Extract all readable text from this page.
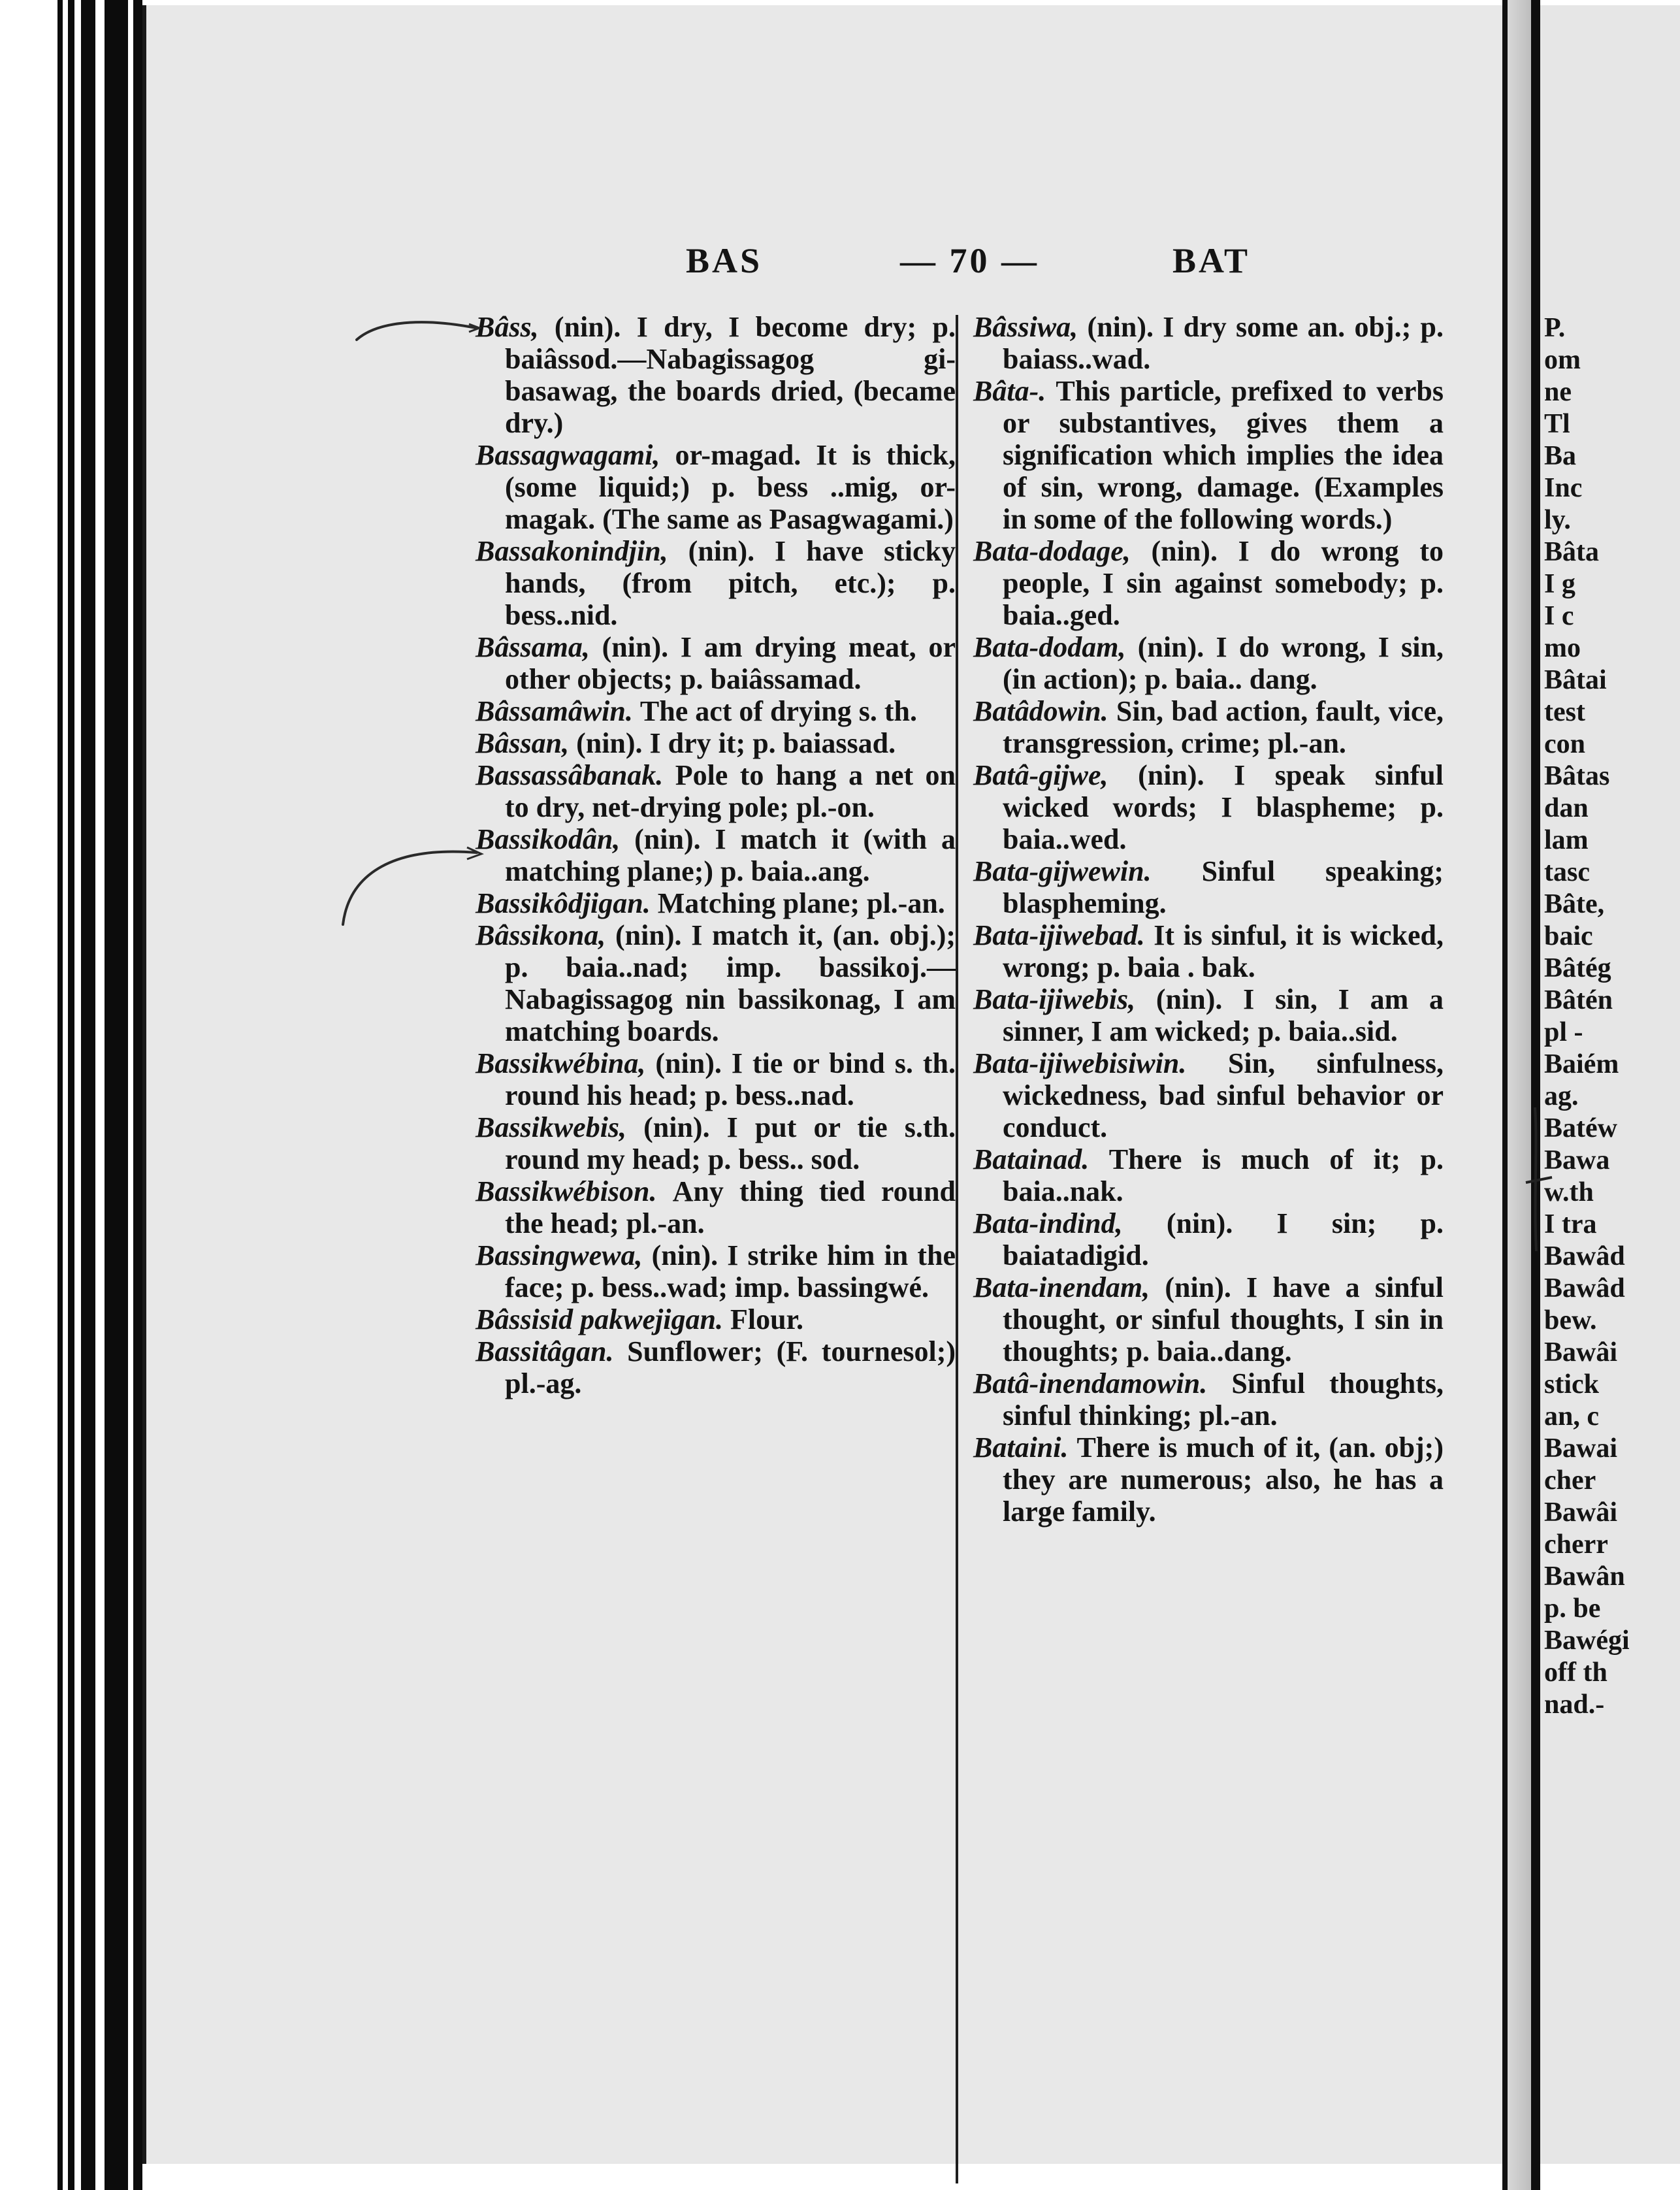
P.
om
ne
Tl
Ba
Inc
ly.
Bâta
I g
I c
mo
Bâtai
test
con
Bâtas
dan
lam
tasc
Bâte,
baic
Bâtég
Bâtén
pl -
Baiém
ag.
Batéw
Bawa
w.th
I tra
Bawâd
Bawâd
bew.
Bawâi
stick
an, c
Bawai
cher
Bawâi
cherr
Bawân
p. be
Bawégi
off th
nad.-
BAS	— 70 —	BAT

Bâss, (nin). I dry, I become dry; p. baiâssod.—Nabagissagog gi-basawag, the boards dried, (became dry.)

Bassagwagami, or-magad. It is thick, (some liquid;) p. bess ..mig, or-magak. (The same as Pasagwagami.)

Bassakonindjin, (nin). I have sticky hands, (from pitch, etc.); p. bess..nid.

Bâssama, (nin). I am drying meat, or other objects; p. baiâssamad.

Bâssamâwin. The act of drying s. th.

Bâssan, (nin). I dry it; p. baiassad.

Bassassâbanak. Pole to hang a net on to dry, net-drying pole; pl.-on.

Bassikodân, (nin). I match it (with a matching plane;) p. baia..ang.

Bassikôdjigan. Matching plane; pl.-an.

Bâssikona, (nin). I match it, (an. obj.); p. baia..nad; imp. bassikoj.— Nabagissagog nin bassikonag, I am matching boards.

Bassikwébina, (nin). I tie or bind s. th. round his head; p. bess..nad.

Bassikwebis, (nin). I put or tie s.th. round my head; p. bess.. sod.

Bassikwébison. Any thing tied round the head; pl.-an.

Bassingwewa, (nin). I strike him in the face; p. bess..wad; imp. bassingwé.

Bâssisid pakwejigan. Flour.

Bassitâgan. Sunflower; (F. tournesol;) pl.-ag.

Bâssiwa, (nin). I dry some an. obj.; p. baiass..wad.

Bâta-. This particle, prefixed to verbs or substantives, gives them a signification which implies the idea of sin, wrong, damage. (Examples in some of the following words.)

Bata-dodage, (nin). I do wrong to people, I sin against somebody; p. baia..ged.

Bata-dodam, (nin). I do wrong, I sin, (in action); p. baia.. dang.

Batâdowin. Sin, bad action, fault, vice, transgression, crime; pl.-an.

Batâ-gijwe, (nin). I speak sinful wicked words; I blaspheme; p. baia..wed.

Bata-gijwewin. Sinful speaking; blaspheming.

Bata-ijiwebad. It is sinful, it is wicked, wrong; p. baia . bak.

Bata-ijiwebis, (nin). I sin, I am a sinner, I am wicked; p. baia..sid.

Bata-ijiwebisiwin. Sin, sinfulness, wickedness, bad sinful behavior or conduct.

Batainad. There is much of it; p. baia..nak.

Bata-indind, (nin). I sin; p. baiatadigid.

Bata-inendam, (nin). I have a sinful thought, or sinful thoughts, I sin in thoughts; p. baia..dang.

Batâ-inendamowin. Sinful thoughts, sinful thinking; pl.-an.

Bataini. There is much of it, (an. obj;) they are numerous; also, he has a large family.
